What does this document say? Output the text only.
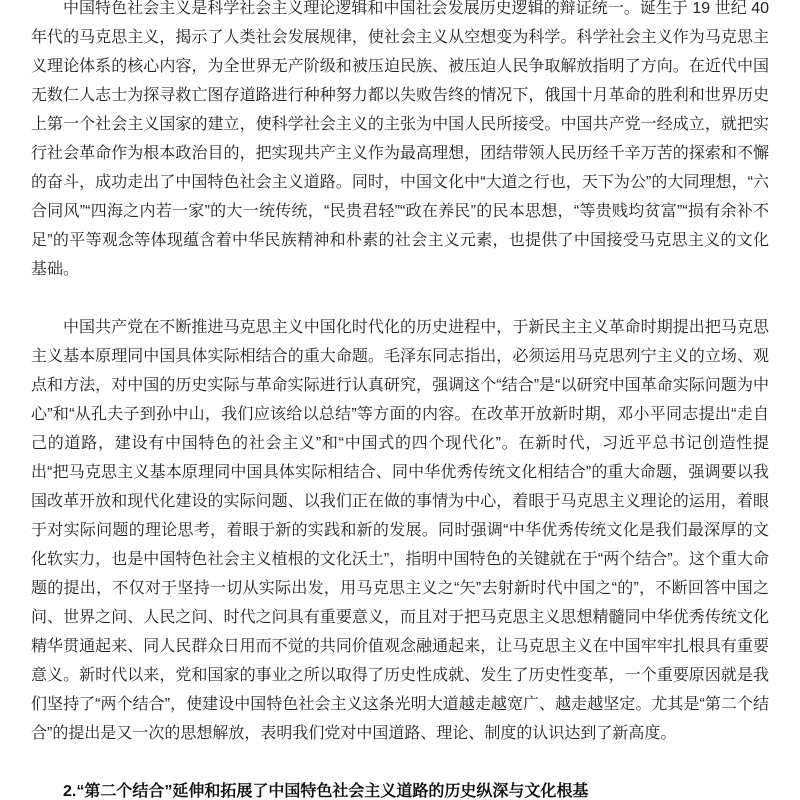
中国特色社会主义是科学社会主义理论逻辑和中国社会发展历史逻辑的辩证统一。诞生于 19 世纪 40 年代的马克思主义，揭示了人类社会发展规律，使社会主义从空想变为科学。科学社会主义作为马克思主义理论体系的核心内容，为全世界无产阶级和被压迫民族、被压迫人民争取解放指明了方向。在近代中国无数仁人志士为探寻救亡图存道路进行种种努力都以失败告终的情况下，俄国十月革命的胜利和世界历史上第一个社会主义国家的建立，使科学社会主义的主张为中国人民所接受。中国共产党一经成立，就把实行社会革命作为根本政治目的，把实现共产主义作为最高理想，团结带领人民历经千辛万苦的探索和不懈的奋斗，成功走出了中国特色社会主义道路。同时，中国文化中“大道之行也，天下为公”的大同理想，“六合同风”“四海之内若一家”的大一统传统，“民贵君轻”“政在养民”的民本思想，“等贵贱均贫富”“损有余补不足”的平等观念等体现蕴含着中华民族精神和朴素的社会主义元素，也提供了中国接受马克思主义的文化基础。

中国共产党在不断推进马克思主义中国化时代化的历史进程中，于新民主主义革命时期提出把马克思主义基本原理同中国具体实际相结合的重大命题。毛泽东同志指出，必须运用马克思列宁主义的立场、观点和方法，对中国的历史实际与革命实际进行认真研究，强调这个“结合”是“以研究中国革命实际问题为中心”和“从孔夫子到孙中山，我们应该给以总结”等方面的内容。在改革开放新时期，邓小平同志提出“走自己的道路，建设有中国特色的社会主义”和“中国式的四个现代化”。在新时代，习近平总书记创造性提出“把马克思主义基本原理同中国具体实际相结合、同中华优秀传统文化相结合”的重大命题，强调要以我国改革开放和现代化建设的实际问题、以我们正在做的事情为中心，着眼于马克思主义理论的运用，着眼于对实际问题的理论思考，着眼于新的实践和新的发展。同时强调“中华优秀传统文化是我们最深厚的文化软实力，也是中国特色社会主义植根的文化沃土”，指明中国特色的关键就在于“两个结合”。这个重大命题的提出，不仅对于坚持一切从实际出发，用马克思主义之“矢”去射新时代中国之“的”，不断回答中国之问、世界之问、人民之问、时代之问具有重要意义，而且对于把马克思主义思想精髓同中华优秀传统文化精华贯通起来、同人民群众日用而不觉的共同价值观念融通起来，让马克思主义在中国牢牢扎根具有重要意义。新时代以来，党和国家的事业之所以取得了历史性成就、发生了历史性变革，一个重要原因就是我们坚持了“两个结合”，使建设中国特色社会主义这条光明大道越走越宽广、越走越坚定。尤其是“第二个结合”的提出是又一次的思想解放，表明我们党对中国道路、理论、制度的认识达到了新高度。

2.“第二个结合”延伸和拓展了中国特色社会主义道路的历史纵深与文化根基
